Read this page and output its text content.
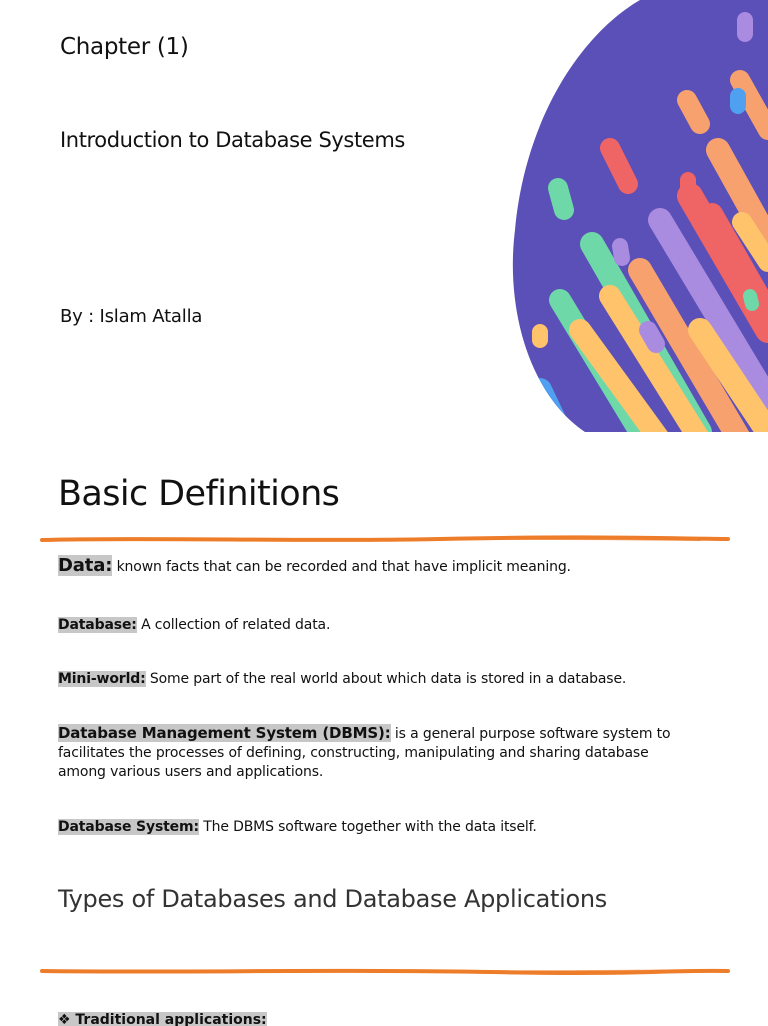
Chapter (1)
Introduction to Database Systems
By : Islam Atalla
Basic Definitions
Data: known facts that can be recorded and that have implicit meaning.
Database: A collection of related data.
Mini-world: Some part of the real world about which data is stored in a database.
Database Management System (DBMS): is a general purpose software system to facilitates the processes of defining, constructing, manipulating and sharing database among various users and applications.
Database System: The DBMS software together with the data itself.
Types of Databases and Database Applications
❖ Traditional applications:
